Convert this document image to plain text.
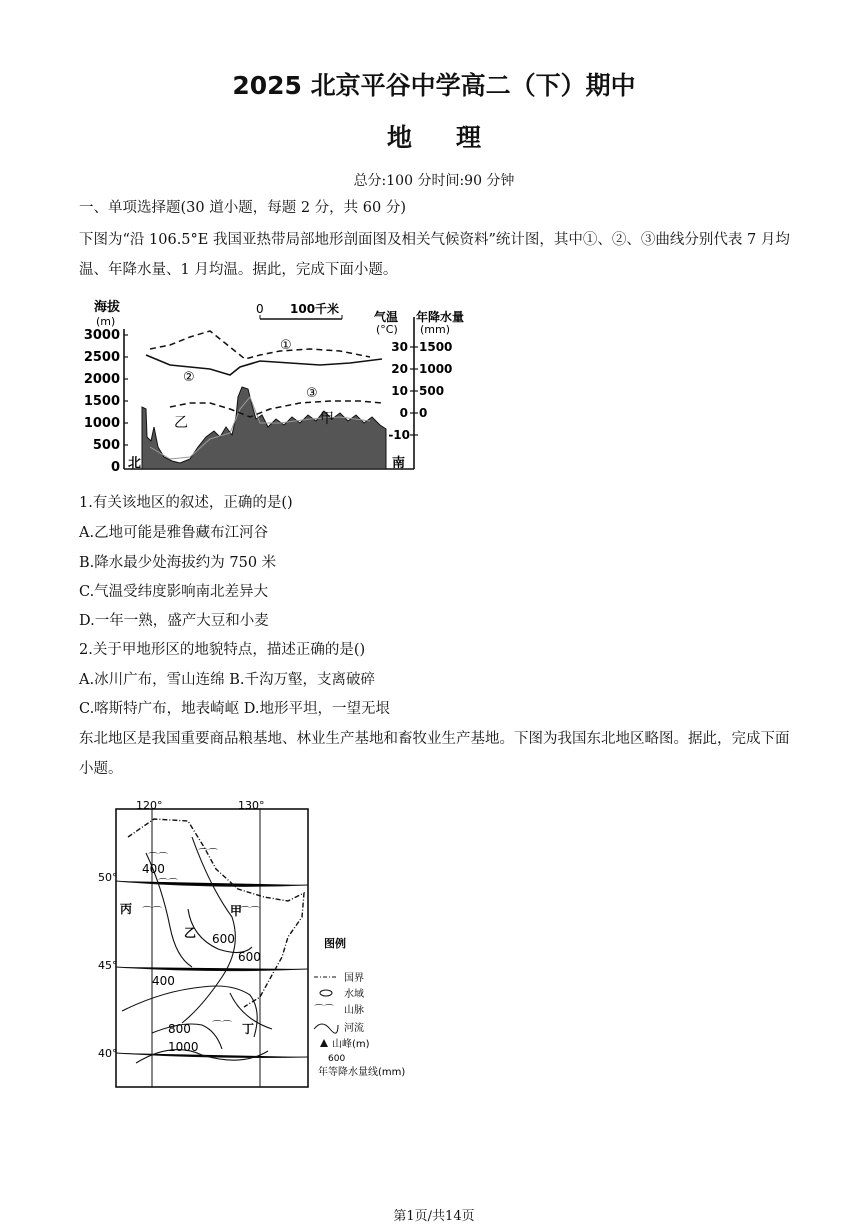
2025 北京平谷中学高二（下）期中
地理
总分:100 分时间:90 分钟
一、单项选择题(30 道小题，每题 2 分，共 60 分)
下图为“沿 106.5°E 我国亚热带局部地形剖面图及相关气候资料”统计图，其中①、②、③曲线分别代表 7 月均温、年降水量、1 月均温。据此，完成下面小题。
海拔
(m)
3000
2500
2000
1500
1000
500
0
0 100千米
①
②
③
乙	甲
北	南
气温
(°C)
年降水量
(mm)
30
20
10
0
-10
1500
1000
500
0
1.有关该地区的叙述，正确的是()
A.乙地可能是雅鲁藏布江河谷
B.降水最少处海拔约为 750 米
C.气温受纬度影响南北差异大
D.一年一熟，盛产大豆和小麦
2.关于甲地形区的地貌特点，描述正确的是()
A.冰川广布，雪山连绵 B.千沟万壑，支离破碎
C.喀斯特广布，地表崎岖 D.地形平坦，一望无垠
东北地区是我国重要商品粮基地、林业生产基地和畜牧业生产基地。下图为我国东北地区略图。据此，完成下面小题。
120°	130°
50°
45°
40°
⌒⌒
⌒⌒
⌒⌒
⌒⌒
⌒⌒
⌒⌒
400
600
600
400
800
1000
丙
乙
甲
丁
图例
国界
水域
⌒⌒ 山脉
河流
山峰(m)
600
年等降水量线(mm)
第1页/共14页
